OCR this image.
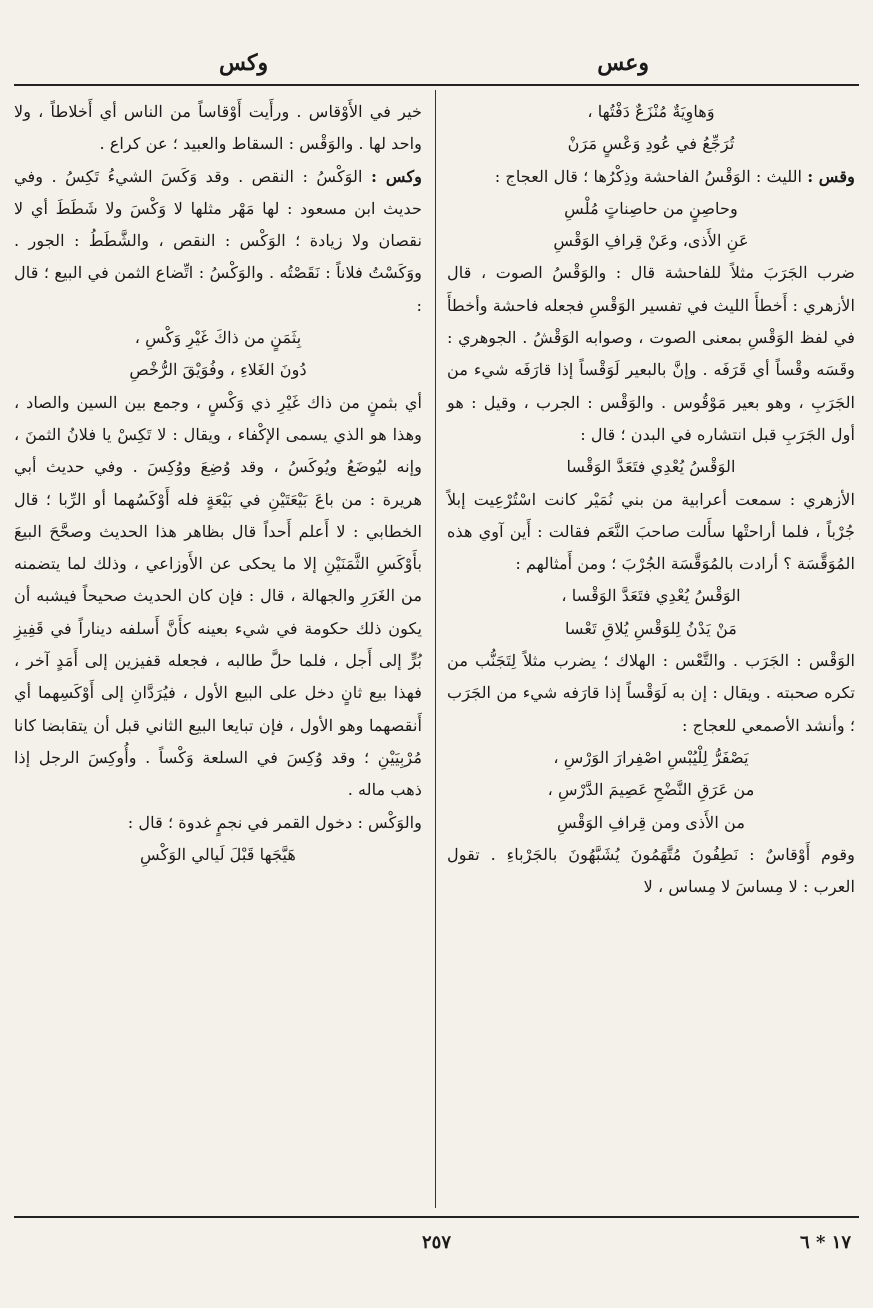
وعس
وكس

وَهاوِيَةٌ مُنْزَعٌ دَفْتُها ،

تُرَجِّعُ في عُودِ وَعْسٍ مَرَنْ

وقس : الليث : الوَقْسُ الفاحشة وذِكْرُها ؛ قال العجاج :

وحاصِنٍ من حاصِناتٍ مُلْسِ

عَنِ الأَذى، وعَنْ قِرافِ الوَقْسِ

ضرب الجَرَبَ مثلاً للفاحشة قال : والوَقْسُ الصوت ، قال الأزهري : أَخطأَ الليث في تفسير الوَقْسِ فجعله فاحشة وأخطأَ في لفظ الوَقْسِ بمعنى الصوت ، وصوابه الوَقْشُ . الجوهري : وقَسَه وقْساً أي قَرَفَه . وإنَّ بالبعير لَوَقْساً إذا قارَفَه شيء من الجَرَبِ ، وهو بعير مَوْقُوس . والوَقْس : الجرب ، وقيل : هو أول الجَرَبِ قبل انتشاره في البدن ؛ قال :

الوَقْسُ يُعْدِي فتَعَدَّ الوَقْسا

الأزهري : سمعت أعرابية من بني نُمَيْر كانت اسْتُرْعِيت إبلاً جُرْباً ، فلما أراحتْها سأَلت صاحبَ النَّعَم فقالت : أَين آوي هذه المُوَقَّسَة ؟ أرادت بالمُوَقَّسَة الجُرْبَ ؛ ومن أَمثالهم :

الوَقْسُ يُعْدِي فتَعَدَّ الوَقْسا ،

مَنْ يَدْنُ لِلوَقْسِ يُلاقِ تَعْسا

الوَقْس : الجَرَب . والتَّعْس : الهلاك ؛ يضرب مثلاً لِتَجَنُّب من تكره صحبته . ويقال : إن به لَوَقْساً إذا قارَفه شيء من الجَرَب ؛ وأنشد الأصمعي للعجاج :

يَصْفَرُّ لِلْيُبْسِ اصْفِرارَ الوَرْسِ ،

من عَرَقِ النَّضْحِ عَصِيمَ الدَّرْسِ ،

من الأَذى ومن قِرافِ الوَقْسِ

وقوم أَوْقاسٌ : نَطِفُونَ مُتَّهَمُونَ يُشَبَّهُونَ بالجَرْباءِ . تقول العرب : لا مِساسَ لا مِساس ، لا

خير في الأَوْقاس . ورأَيت أَوْقاساً من الناس أي أَخلاطاً ، ولا واحد لها . والوَقْس : السقاط والعبيد ؛ عن كراع .

وكس : الوَكْسُ : النقص . وقد وَكَسَ الشيءُ تَكِسُ . وفي حديث ابن مسعود : لها مَهْر مثلها لا وَكْسَ ولا شَطَطَ أي لا نقصان ولا زيادة ؛ الوَكْس : النقص ، والشَّطَطُ : الجور . ووَكَسْتُ فلاناً : نَقَصْتُه . والوَكْسُ : اتِّضاع الثمن في البيع ؛ قال :

بِثَمَنٍ من ذاكَ غَيْرِ وَكْسِ ،

دُونَ الغَلاءِ ، وفُوَيْقَ الرُّخْصِ

أي بثمنٍ من ذاك غَيْرِ ذي وَكْسٍ ، وجمع بين السين والصاد ، وهذا هو الذي يسمى الإكْفاء ، ويقال : لا تَكِسْ يا فلانُ الثمنَ ، وإنه ليُوضَعُ ويُوكَسُ ، وقد وُضِعَ ووُكِسَ . وفي حديث أبي هريرة : من باعَ بَيْعَتَيْنِ في بَيْعَةٍ فله أَوْكَسُهما أو الرِّبا ؛ قال الخطابي : لا أَعلم أَحداً قال بظاهر هذا الحديث وصحَّحَ البيعَ بأَوْكَسِ الثَّمَنَيْنِ إلا ما يحكى عن الأَوزاعي ، وذلك لما يتضمنه من الغَرَرِ والجهالة ، قال : فإن كان الحديث صحيحاً فيشبه أن يكون ذلك حكومة في شيء بعينه كأَنَّ أَسلفه ديناراً في قَفِيزِ بُرٍّ إلى أَجل ، فلما حلَّ طالبه ، فجعله قفيزين إلى أَمَدٍ آخر ، فهذا بيع ثانٍ دخل على البيع الأول ، فيُرَدَّانِ إلى أَوْكَسِهما أي أَنقصهما وهو الأول ، فإن تبايعا البيع الثاني قبل أن يتقابضا كانا مُرْبِيَيْنِ ؛ وقد وُكِسَ في السلعة وَكْساً . وأُوكِسَ الرجل إذا ذهب ماله .

والوَكْس : دخول القمر في نجمٍ غدوة ؛ قال :

هَيَّجَها قَبْلَ لَيالي الوَكْسِ

١٧ * ٦
٢٥٧
